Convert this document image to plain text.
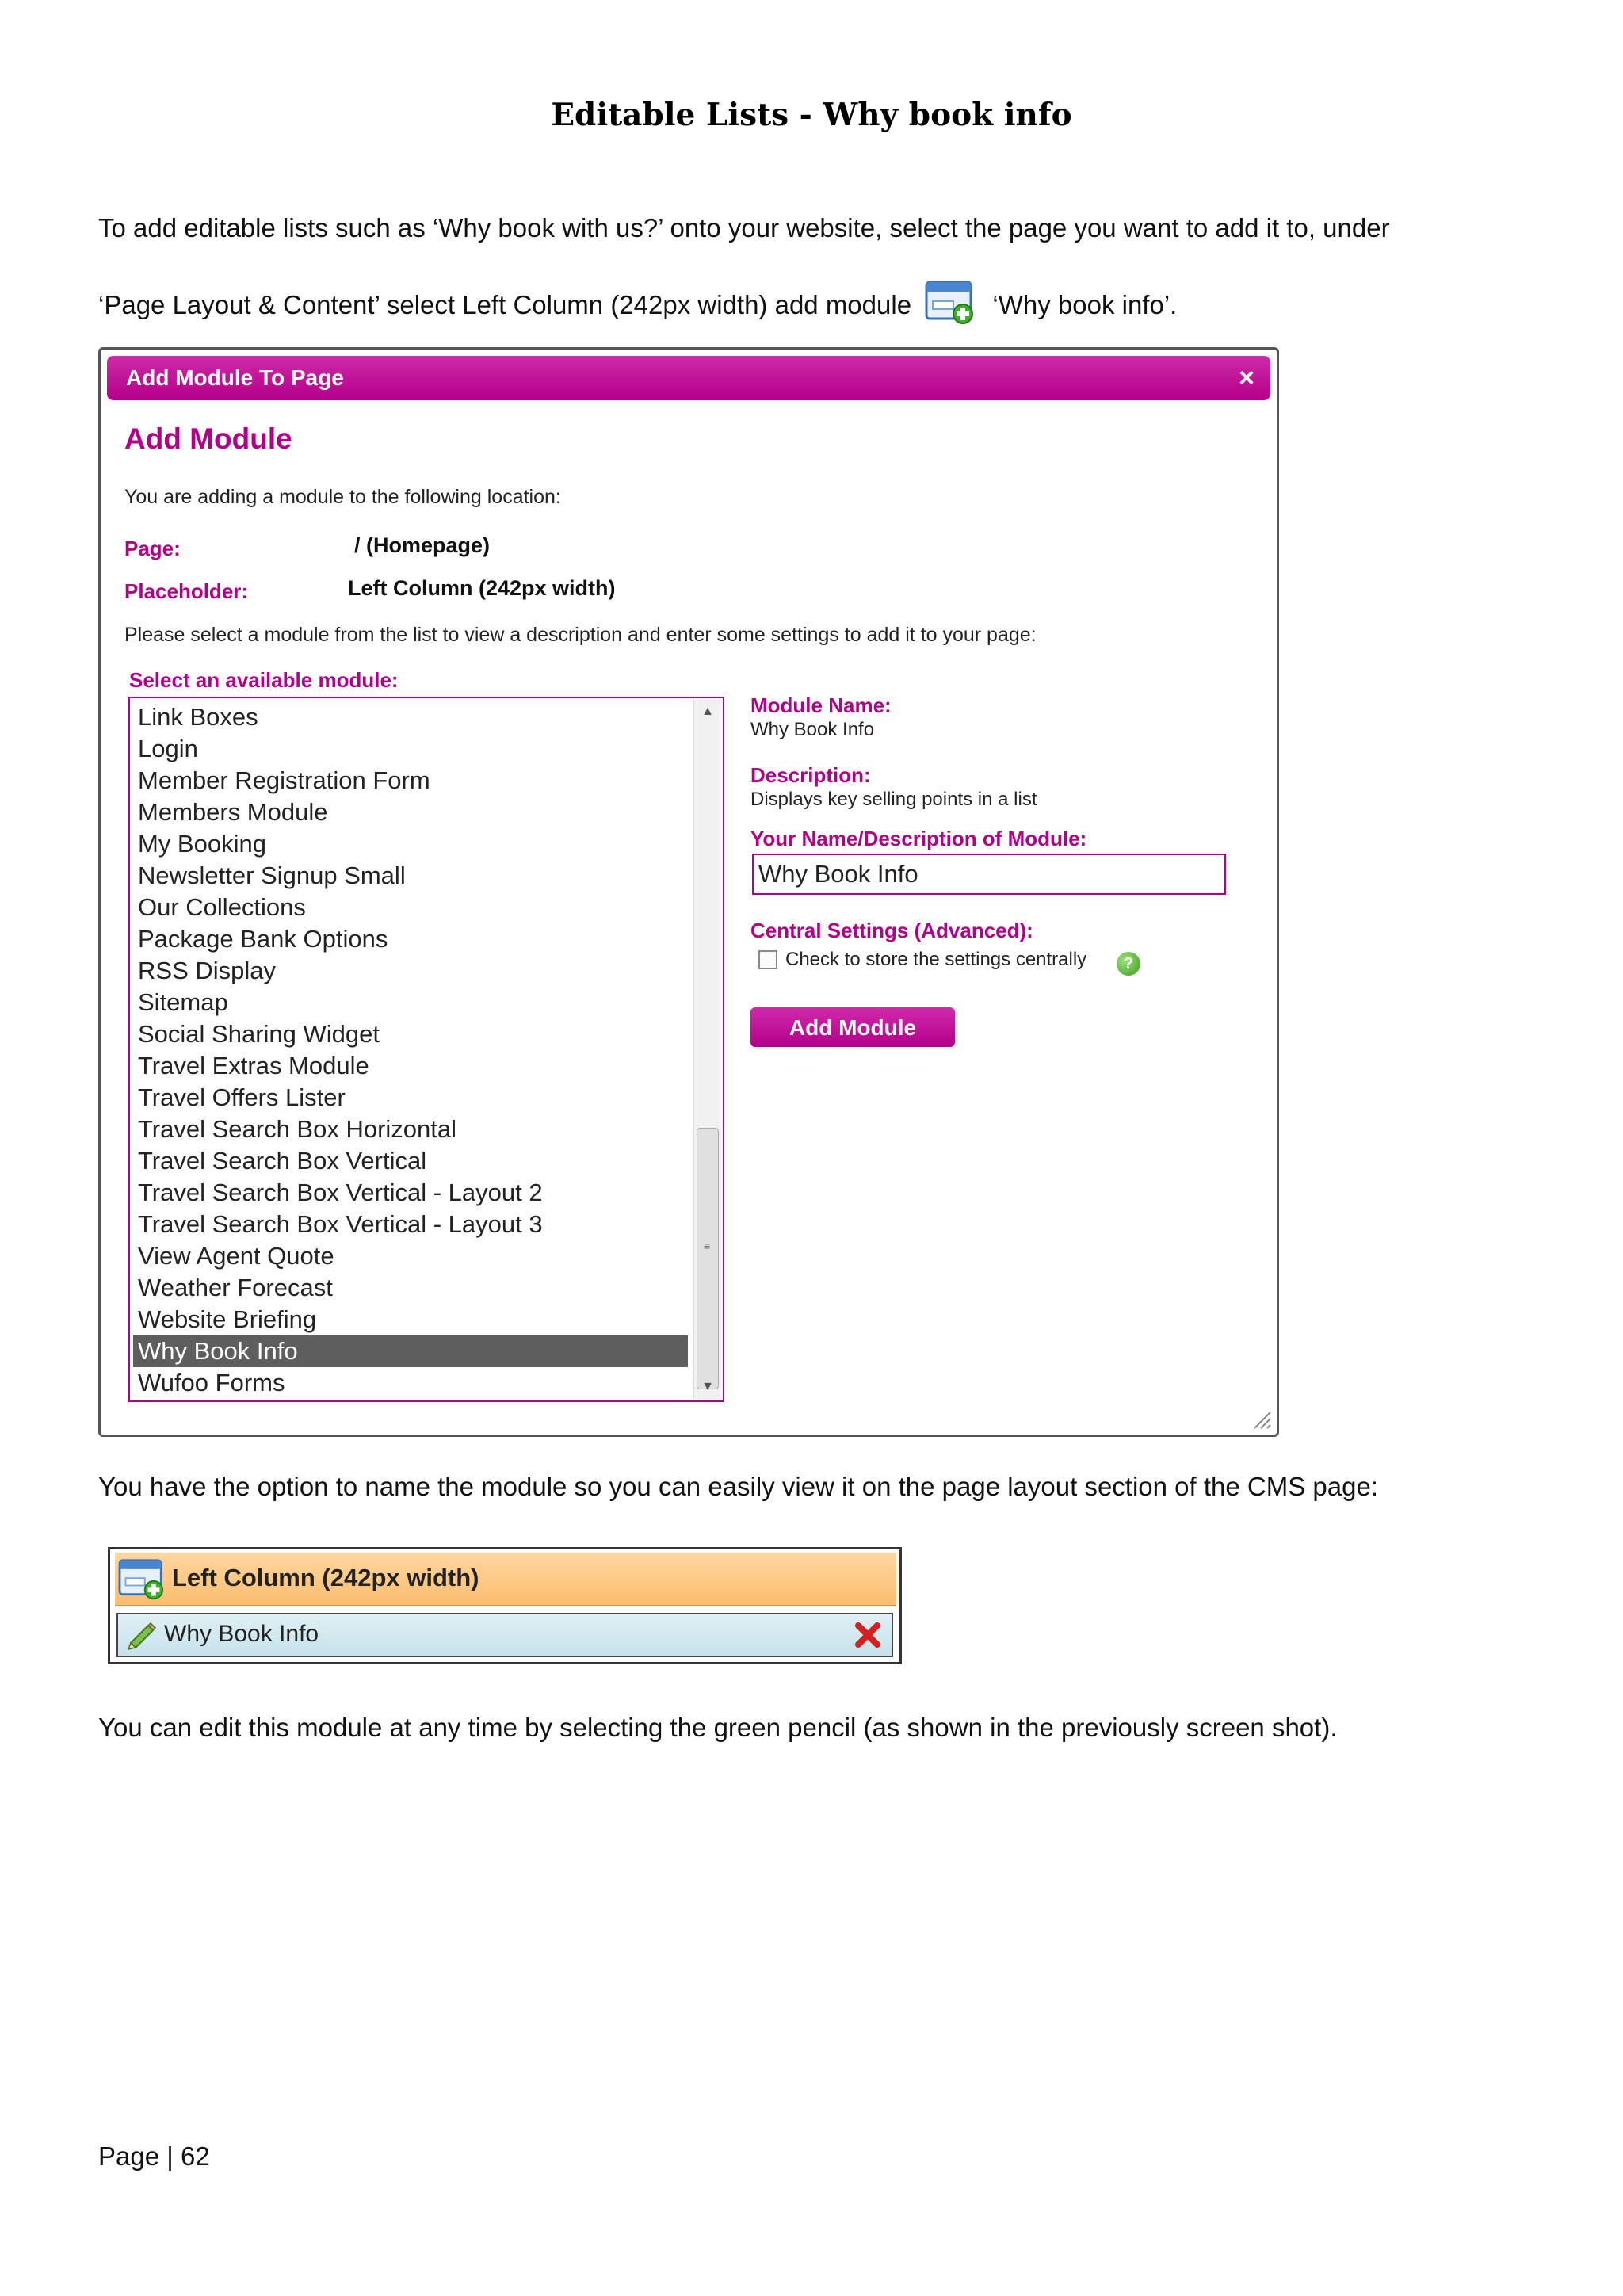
Editable Lists - Why book info
To add editable lists such as ‘Why book with us?’ onto your website, select the page you want to add it to, under
‘Page Layout & Content’ select Left Column (242px width) add module	‘Why book info’.
Add Module To Page	×
Add Module
You are adding a module to the following location:
Page:	/ (Homepage)
Placeholder:	Left Column (242px width)
Please select a module from the list to view a description and enter some settings to add it to your page:
Select an available module:
Link Boxes
Login
Member Registration Form
Members Module
My Booking
Newsletter Signup Small
Our Collections
Package Bank Options
RSS Display
Sitemap
Social Sharing Widget
Travel Extras Module
Travel Offers Lister
Travel Search Box Horizontal
Travel Search Box Vertical
Travel Search Box Vertical - Layout 2
Travel Search Box Vertical - Layout 3
View Agent Quote
Weather Forecast
Website Briefing
Why Book Info
Wufoo Forms
▲
≡
▼
Module Name:
Why Book Info
Description:
Displays key selling points in a list
Your Name/Description of Module:
Why Book Info
Central Settings (Advanced):
Check to store the settings centrally	?
Add Module
You have the option to name the module so you can easily view it on the page layout section of the CMS page:
Left Column (242px width)
Why Book Info
You can edit this module at any time by selecting the green pencil (as shown in the previously screen shot).
Page | 62
